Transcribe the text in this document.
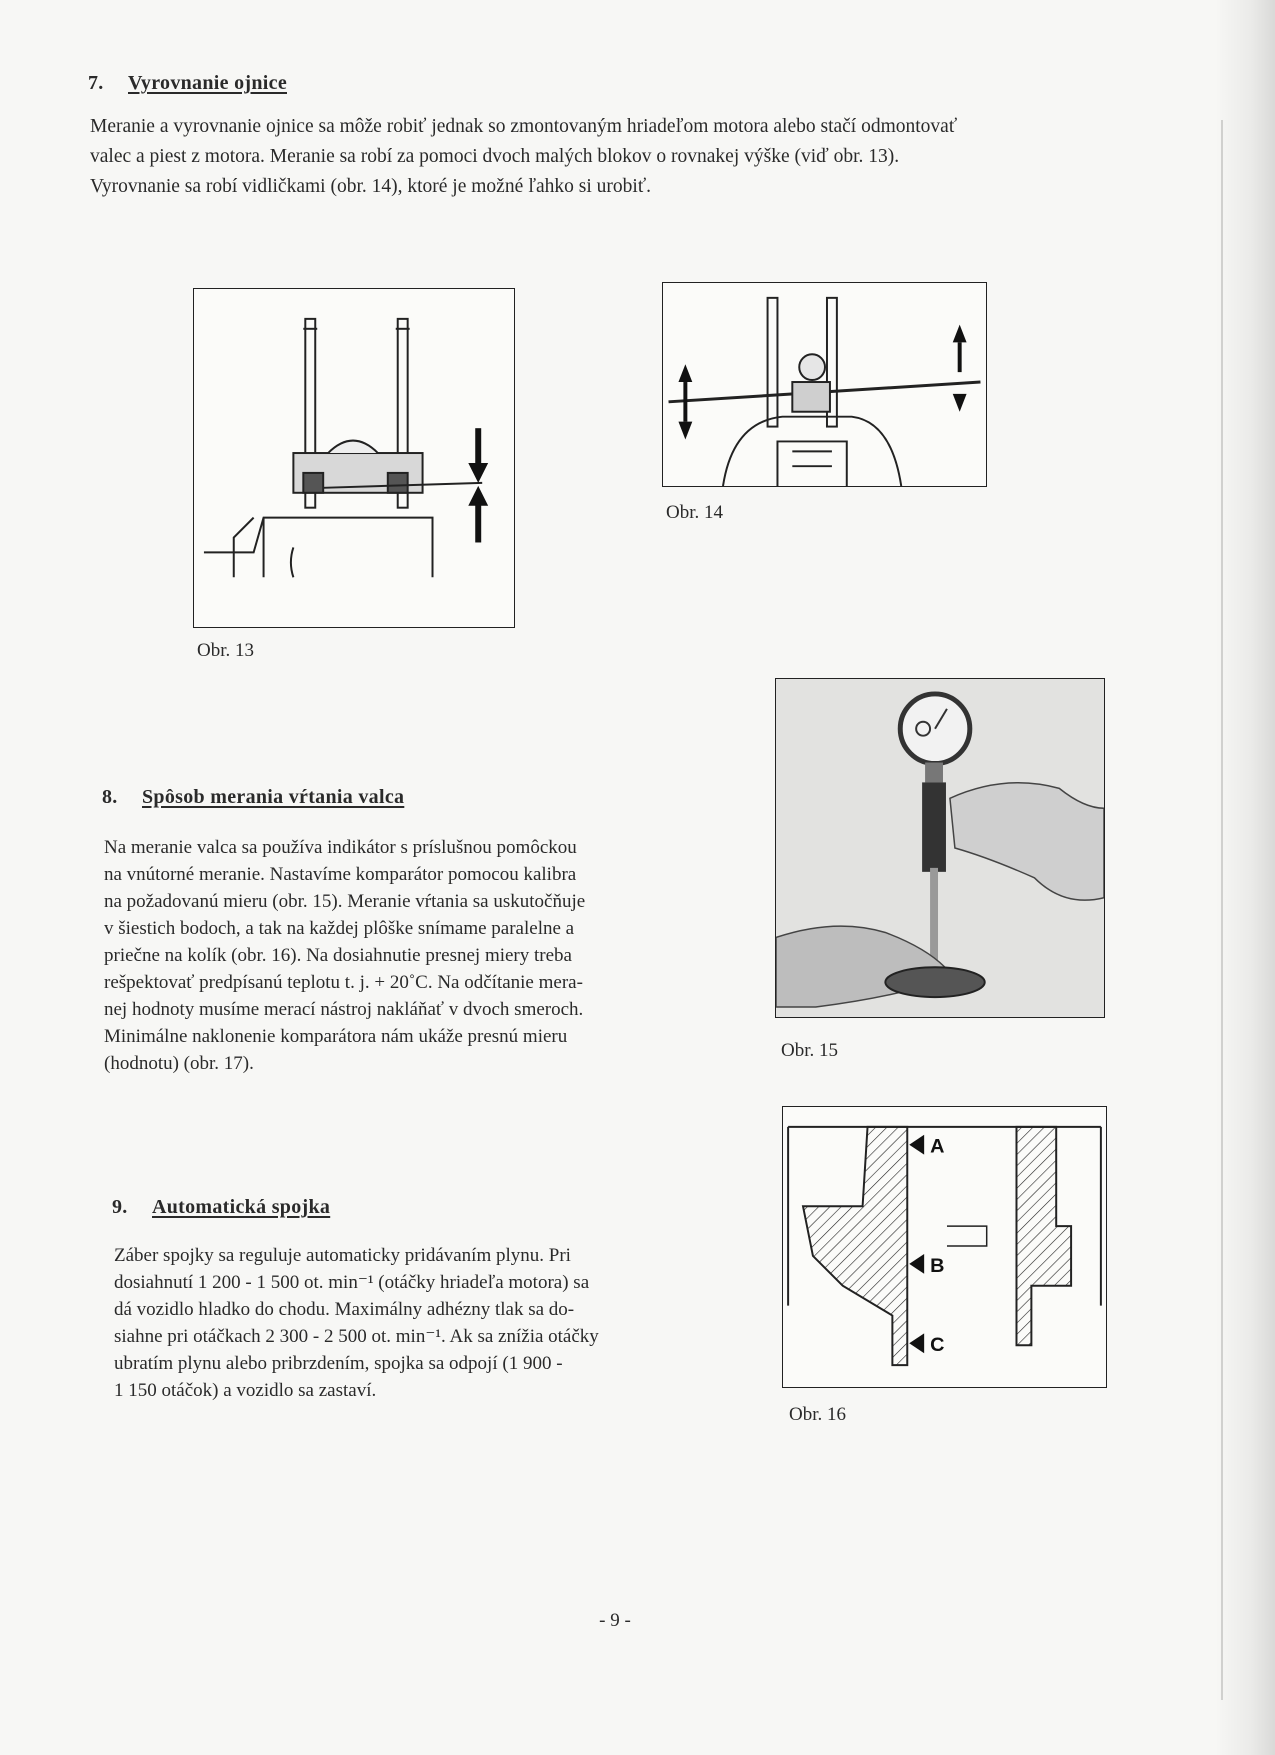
7. Vyrovnanie ojnice

Meranie a vyrovnanie ojnice sa môže robiť jednak so zmontovaným hriadeľom motora alebo stačí odmontovať

valec a piest z motora. Meranie sa robí za pomoci dvoch malých blokov o rovnakej výške (viď obr. 13).

Vyrovnanie sa robí vidličkami (obr. 14), ktoré je možné ľahko si urobiť.

Obr. 13
Obr. 14
8. Spôsob merania vŕtania valca

Na meranie valca sa používa indikátor s príslušnou pomôckou

na vnútorné meranie. Nastavíme komparátor pomocou kalibra

na požadovanú mieru (obr. 15). Meranie vŕtania sa uskutočňuje

v šiestich bodoch, a tak na každej plôške snímame paralelne a

priečne na kolík (obr. 16). Na dosiahnutie presnej miery treba

rešpektovať predpísanú teplotu t. j. + 20˚C. Na odčítanie mera-

nej hodnoty musíme merací nástroj nakláňať v dvoch smeroch.

Minimálne naklonenie komparátora nám ukáže presnú mieru

(hodnotu) (obr. 17).

Obr. 15
9. Automatická spojka

Záber spojky sa reguluje automaticky pridávaním plynu. Pri

dosiahnutí 1 200 - 1 500 ot. min⁻¹ (otáčky hriadeľa motora) sa

dá vozidlo hladko do chodu. Maximálny adhézny tlak sa do-

siahne pri otáčkach 2 300 - 2 500 ot. min⁻¹. Ak sa znížia otáčky

ubratím plynu alebo pribrzdením, spojka sa odpojí (1 900 -

1 150 otáčok) a vozidlo sa zastaví.

A
B
C
Obr. 16
- 9 -
